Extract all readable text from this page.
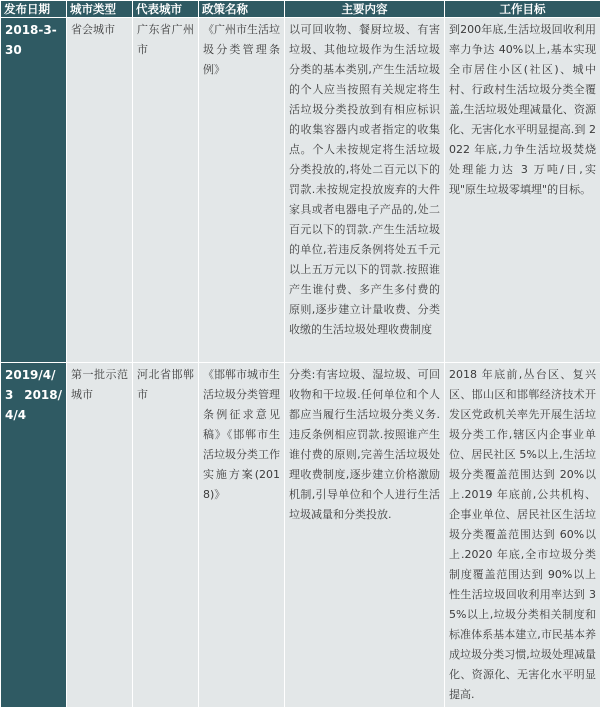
发布日期	城市类型	代表城市	政策名称	主要内容	工作目标
2018-3-30	省会城市	广东省广州市	《广州市生活垃圾分类管理条例》	以可回收物、餐厨垃圾、有害垃圾、其他垃圾作为生活垃圾分类的基本类别,产生生活垃圾的个人应当按照有关规定将生活垃圾分类投放到有相应标识的收集容器内或者指定的收集点。个人未按规定将生活垃圾分类投放的,将处二百元以下的罚款.未按规定投放废弃的大件家具或者电器电子产品的,处二百元以下的罚款.产生生活垃圾的单位,若违反条例将处五千元以上五万元以下的罚款.按照谁产生谁付费、多产生多付费的原则,逐步建立计量收费、分类收缴的生活垃圾处理收费制度	到200年底,生活垃圾回收利用率力争达 40%以上,基本实现全市居住小区(社区)、城中村、行政村生活垃圾分类全覆盖,生活垃圾处理减量化、资源化、无害化水平明显提高.到 2022 年底,力争生活垃圾焚烧处理能力达 3 万吨/日,实现"原生垃圾零填埋"的目标。
2019/4/3 2018/4/4	第一批示范城市	河北省邯郸市	《邯郸市城市生活垃圾分类管理条例征求意见稿》《邯郸市生活垃圾分类工作实施方案(2018)》	分类:有害垃圾、湿垃圾、可回收物和干垃圾.任何单位和个人都应当履行生活垃圾分类义务.违反条例相应罚款.按照谁产生谁付费的原则,完善生活垃圾处理收费制度,逐步建立价格激励机制,引导单位和个人进行生活垃圾减量和分类投放.	2018 年底前,丛台区、复兴区、邯山区和邯郸经济技术开发区党政机关率先开展生活垃圾分类工作,辖区内企事业单位、居民社区 5%以上,生活垃圾分类覆盖范围达到 20%以上.2019 年底前,公共机构、企事业单位、居民社区生活垃圾分类覆盖范围达到 60%以上.2020 年底,全市垃圾分类制度覆盖范围达到 90%以上性生活垃圾回收利用率达到 35%以上,垃圾分类相关制度和标准体系基本建立,市民基本养成垃圾分类习惯,垃圾处理减量化、资源化、无害化水平明显提高.
